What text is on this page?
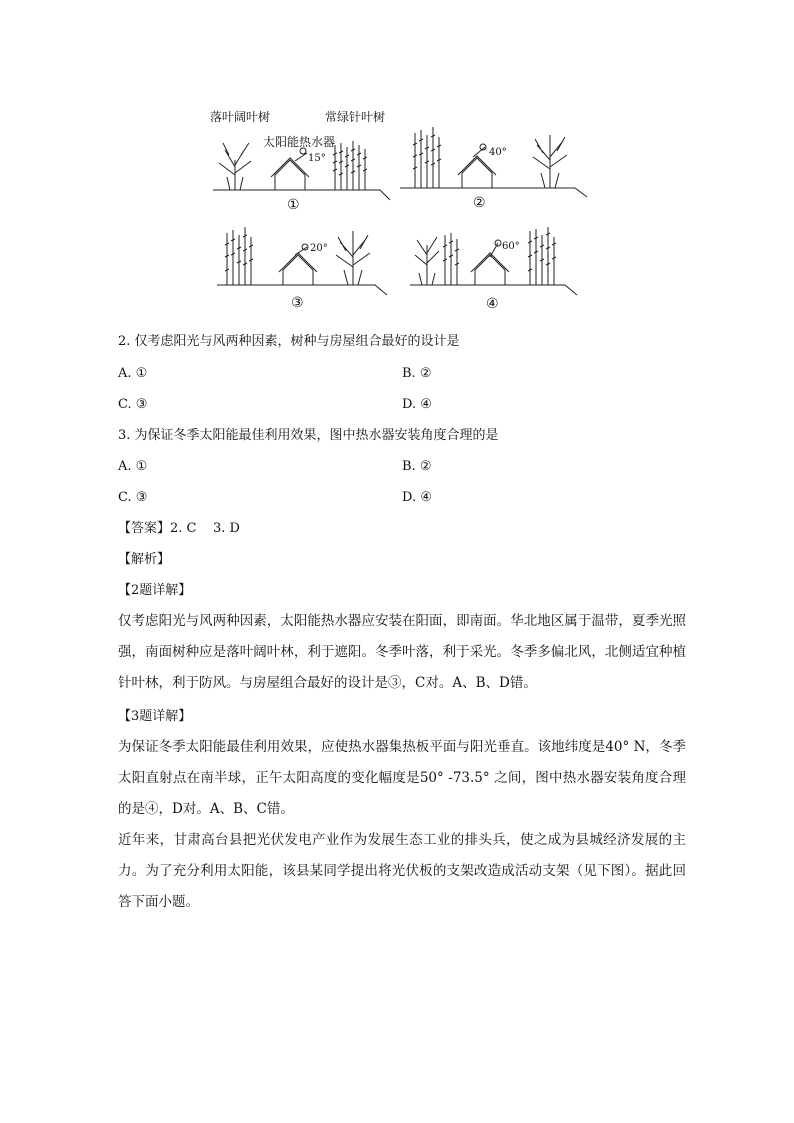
落叶阔叶树	常绿针叶树
太阳能热水器
15°
①
40°
②
20°
③
60°
④
2. 仅考虑阳光与风两种因素，树种与房屋组合最好的设计是
A. ①	B. ②
C. ③	D. ④
3. 为保证冬季太阳能最佳利用效果，图中热水器安装角度合理的是
A. ①	B. ②
C. ③	D. ④
【答案】2. C    3. D
【解析】
【2题详解】

仅考虑阳光与风两种因素，太阳能热水器应安装在阳面，即南面。华北地区属于温带，夏季光照强，南面树种应是落叶阔叶林，利于遮阳。冬季叶落，利于采光。冬季多偏北风，北侧适宜种植针叶林，利于防风。与房屋组合最好的设计是③，C对。A、B、D错。

【3题详解】

为保证冬季太阳能最佳利用效果，应使热水器集热板平面与阳光垂直。该地纬度是40° N，冬季太阳直射点在南半球，正午太阳高度的变化幅度是50° -73.5° 之间，图中热水器安装角度合理的是④，D对。A、B、C错。

近年来，甘肃高台县把光伏发电产业作为发展生态工业的排头兵，使之成为县城经济发展的主力。为了充分利用太阳能，该县某同学提出将光伏板的支架改造成活动支架（见下图）。据此回答下面小题。
